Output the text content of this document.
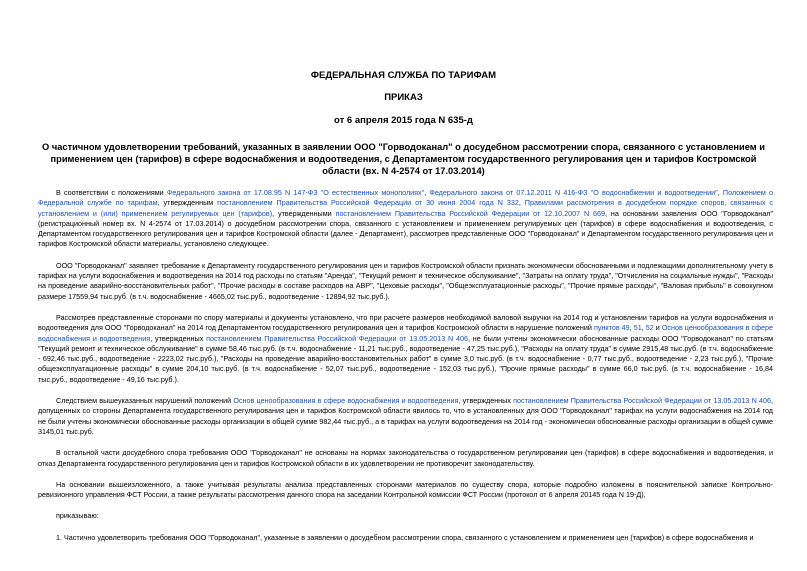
ФЕДЕРАЛЬНАЯ СЛУЖБА ПО ТАРИФАМ
ПРИКАЗ
от 6 апреля 2015 года N 635-д
О частичном удовлетворении требований, указанных в заявлении ООО "Горводоканал" о досудебном рассмотрении спора, связанного с установлением и применением цен (тарифов) в сфере водоснабжения и водоотведения, с Департаментом государственного регулирования цен и тарифов Костромской области (вх. N 4-2574 от 17.03.2014)

В соответствии с положениями Федерального закона от 17.08.95 N 147-ФЗ "О естественных монополиях", Федерального закона от 07.12.2011 N 416-ФЗ "О водоснабжении и водоотведении", Положением о Федеральной службе по тарифам, утвержденным постановлением Правительства Российской Федерации от 30 июня 2004 года N 332, Правилами рассмотрения в досудебном порядке споров, связанных с установлением и (или) применением регулируемых цен (тарифов), утвержденными постановлением Правительства Российской Федерации от 12.10.2007 N 669, на основании заявления ООО "Горводоканал" (регистрационный номер вх. N 4-2574 от 17.03.2014) о досудебном рассмотрении спора, связанного с установлением и применением регулируемых цен (тарифов) в сфере водоснабжения и водоотведения, с Департаментом государственного регулирования цен и тарифов Костромской области (далее - Департамент), рассмотрев представленные ООО "Горводоканал" и Департаментом государственного регулирования цен и тарифов Костромской области материалы, установлено следующее.

ООО "Горводоканал" заявляет требование к Департаменту государственного регулирования цен и тарифов Костромской области признать экономически обоснованными и подлежащими дополнительному учету в тарифах на услуги водоснабжения и водоотведения на 2014 год расходы по статьям "Аренда", "Текущий ремонт и техническое обслуживание", "Затраты на оплату труда", "Отчисления на социальные нужды", "Расходы на проведение аварийно-восстановительных работ", "Прочие расходы в составе расходов на АВР", "Цеховые расходы", "Общеэксплуатационные расходы", "Прочие прямые расходы", "Валовая прибыль" в совокупном размере 17559,94 тыс.руб. (в т.ч. водоснабжение - 4665,02 тыс.руб., водоотведение - 12894,92 тыс.руб.).

Рассмотрев представленные сторонами по спору материалы и документы установлено, что при расчете размеров необходимой валовой выручки на 2014 год и установлении тарифов на услуги водоснабжения и водоотведения для ООО "Горводоканал" на 2014 год Департаментом государственного регулирования цен и тарифов Костромской области в нарушение положений пунктов 49, 51, 52 и Основ ценообразования в сфере водоснабжения и водоотведения, утвержденных постановлением Правительства Российской Федерации от 13.05.2013 N 406, не были учтены экономически обоснованные расходы ООО "Горводоканал" по статьям "Текущий ремонт и техническое обслуживание" в сумме 58,46 тыс.руб. (в т.ч. водоснабжение - 11,21 тыс.руб., водоотведение - 47,25 тыс.руб.), "Расходы на оплату труда" в сумме 2915,48 тыс.руб. (в т.ч. водоснабжение - 692,46 тыс.руб., водоотведение - 2223,02 тыс.руб.), "Расходы на проведение аварийно-восстановительных работ" в сумме 3,0 тыс.руб. (в т.ч. водоснабжение - 0,77 тыс.руб., водоотведение - 2,23 тыс.руб.), "Прочие общеэксплуатационные расходы" в сумме 204,10 тыс.руб. (в т.ч. водоснабжение - 52,07 тыс.руб., водоотведение - 152,03 тыс.руб.), "Прочие прямые расходы" в сумме 66,0 тыс.руб. (в т.ч. водоснабжение - 16,84 тыс.руб., водоотведение - 49,16 тыс.руб.).

Следствием вышеуказанных нарушений положений Основ ценообразования в сфере водоснабжения и водоотведения, утвержденных постановлением Правительства Российской Федерации от 13.05.2013 N 406, допущенных со стороны Департамента государственного регулирования цен и тарифов Костромской области явилось то, что в установленных для ООО "Горводоканал" тарифах на услуги водоснабжения на 2014 год не были учтены экономически обоснованные расходы организации в общей сумме 982,44 тыс.руб., а в тарифах на услуги водоотведения на 2014 год - экономически обоснованные расходы организации в общей сумме 3145,01 тыс.руб.

В остальной части досудебного спора требования ООО "Горводоканал" не основаны на нормах законодательства о государственном регулировании цен (тарифов) в сфере водоснабжения и водоотведения, и отказ Департамента государственного регулирования цен и тарифов Костромской области в их удовлетворении не противоречит законодательству.

На основании вышеизложенного, а также учитывая результаты анализа представленных сторонами материалов по существу спора, которые подробно изложены в пояснительной записке Контрольно-ревизионного управления ФСТ России, а также результаты рассмотрения данного спора на заседании Контрольной комиссии ФСТ России (протокол от 6 апреля 20145 года N 19-Д),

приказываю:

1. Частично удовлетворить требования ООО "Горводоканал", указанные в заявлении о досудебном рассмотрении спора, связанного с установлением и применением цен (тарифов) в сфере водоснабжения и
